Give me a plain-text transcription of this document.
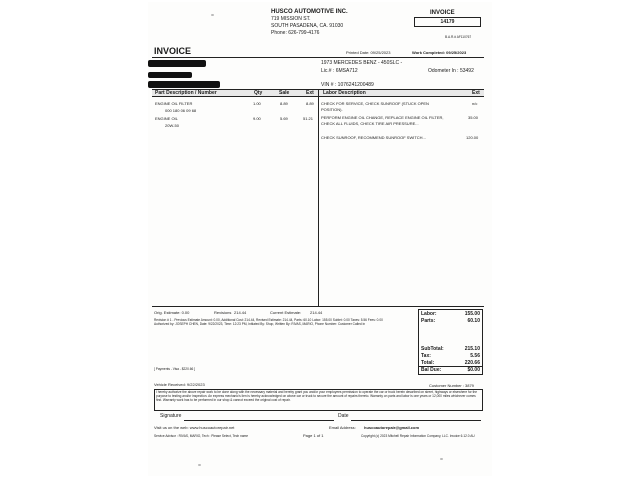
HUSCO AUTOMOTIVE INC.
719 MISSION ST.
SOUTH PASADENA, CA. 91030
Phone: 626-799-4176
INVOICE
14179
B.A.R.# AF110767
INVOICE	Printed Date: 09/25/2023	Work Completed: 09/25/2023
1973 MERCEDES BENZ - 450SLC -
Lic.# : 6MSA712	Odometer In : 53492
VIN # : 1076241200489
Part Description / Number	Qty	Sale	Ext Labor Description	Ext
ENGINE OIL FILTER
000 180 06 09 68
1.00	8.89	8.89
ENGINE OIL
20W-50
9.00	5.69	51.21
CHECK FOR SERVICE, CHECK SUNROOF (STUCK OPEN POSITION).
n/c
PERFORM ENGINE OIL CHANGE, REPLACE ENGINE OIL FILTER, CHECK ALL FLUIDS, CHECK TIRE AIR PRESSURE...
35.00
CHECK SUNROOF, RECOMMEND SUNROOF SWITCH...	120.00
Orig. Estimate: 0.00	Revisions 214.44	Current Estimate: 214.44
Revision # 1 - Previous Estimate Amount: 0.00, Additional Cost: 214.44, Revised Estimate: 214.44, Parts: 60.10 Labor: 155.00 Sublet: 0.00 Taxes: 5.56 Fees: 0.00 Authorized by: JOSEPH CHEN, Date: 9/22/2023, Time: 12:23 PM, Initiated By: Shop, Written By: RIVAS, MARIO, Phone Number: Customer Called in
[ Payments - Visa - $220.66 ]
Labor:	155.00
Parts:	60.10
SubTotal:	215.10
Tax:	5.56
Total:	220.66
Bal Due:	$0.00
Vehicle Received: 9/22/2023	Customer Number : 3879
I hereby authorize the above repair work to be done along with the necessary material and hereby grant you and/or your employees permission to operate the car or truck herein described on street, highways or elsewhere for the purpose to testing and/or inspection. An express mechanic's lien is hereby acknowledged on above car or truck to secure the amount of repairs thereto. Warranty on parts and labor is one years or 12,000 miles whichever comes first. Warranty work has to be performed in our shop & cannot exceed the original cost of repair.
Signature	Date
Visit us on the web: www.huscoautorepair.net	Email Address: huscoautorepair@gmail.com
Service Advisor : RIVAS, MARIO, Tech : Please Select, Tech name	Page 1 of 1	Copyright (c) 2023 Mitchell Repair Information Company, LLC. Invoice 6.12.0 AU
